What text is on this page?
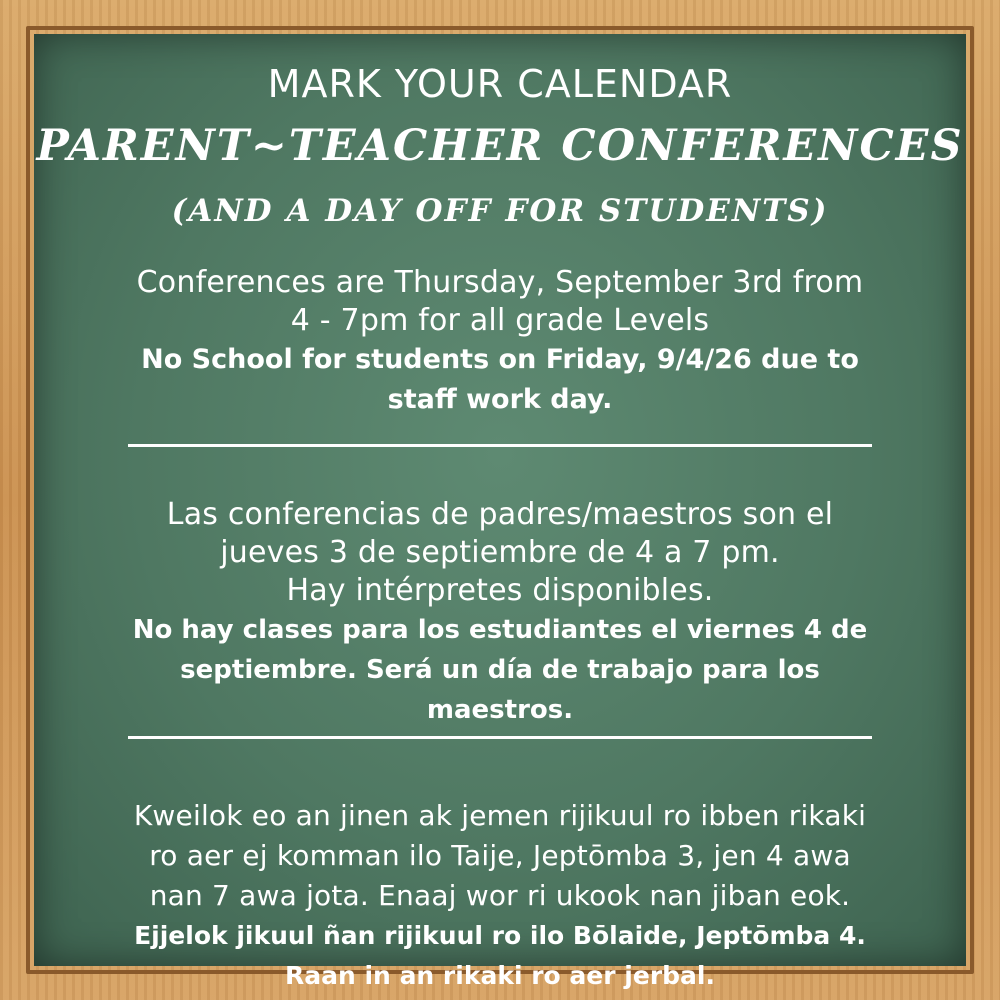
MARK YOUR CALENDAR
PARENT~TEACHER CONFERENCES
(AND A DAY OFF FOR STUDENTS)
Conferences are Thursday, September 3rd from
4 - 7pm for all grade Levels
No School for students on Friday, 9/4/26 due to
staff work day.
Las conferencias de padres/maestros son el
jueves 3 de septiembre de 4 a 7 pm.
Hay intérpretes disponibles.
No hay clases para los estudiantes el viernes 4 de
septiembre. Será un día de trabajo para los
maestros.
Kweilok eo an jinen ak jemen rijikuul ro ibben rikaki
ro aer ej komman ilo Taije, Jeptōmba 3, jen 4 awa
nan 7 awa jota. Enaaj wor ri ukook nan jiban eok.
Ejjelok jikuul ñan rijikuul ro ilo Bōlaide, Jeptōmba 4.
Raan in an rikaki ro aer jerbal.
